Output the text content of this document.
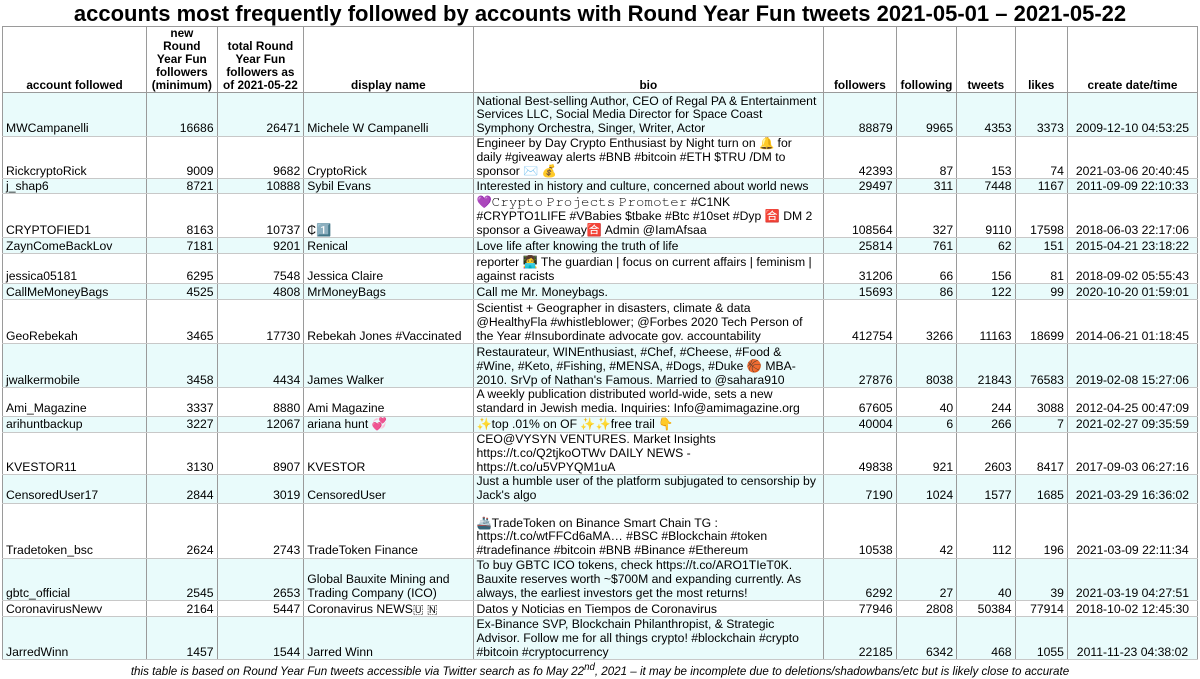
accounts most frequently followed by accounts with Round Year Fun tweets 2021-05-01 – 2021-05-22
account followed	new Round Year Fun followers (minimum)	total Round Year Fun followers as of 2021-05-22	display name	bio	followers	following	tweets	likes	create date/time
MWCampanelli	16686	26471	Michele W Campanelli	National Best-selling Author, CEO of Regal PA & Entertainment Services LLC, Social Media Director for Space Coast Symphony Orchestra, Singer, Writer, Actor	88879	9965	4353	3373	2009-12-10 04:53:25
RickcryptoRick	9009	9682	CryptoRick	Engineer by Day Crypto Enthusiast by Night turn on 🔔 for daily #giveaway alerts #BNB #bitcoin #ETH $TRU /DM to sponsor ✉️ 💰	42393	87	153	74	2021-03-06 20:40:45
j_shap6	8721	10888	Sybil Evans	Interested in history and culture, concerned about world news	29497	311	7448	1167	2011-09-09 22:10:33
CRYPTOFIED1	8163	10737	₵1️⃣	💜𝙲𝚛𝚢𝚙𝚝𝚘 𝙿𝚛𝚘𝚓𝚎𝚌𝚝𝚜 𝙿𝚛𝚘𝚖𝚘𝚝𝚎𝚛 #C1NK #CRYPTO1LIFE #VBabies $tbake #Btc #10set #Dyp 🈴 DM 2 sponsor a Giveaway🈴 Admin @IamAfsaa	108564	327	9110	17598	2018-06-03 22:17:06
ZaynComeBackLov	7181	9201	Renical	Love life after knowing the truth of life	25814	761	62	151	2015-04-21 23:18:22
jessica05181	6295	7548	Jessica Claire	reporter 👩‍💻 The guardian | focus on current affairs | feminism | against racists	31206	66	156	81	2018-09-02 05:55:43
CallMeMoneyBags	4525	4808	MrMoneyBags	Call me Mr. Moneybags.	15693	86	122	99	2020-10-20 01:59:01
GeoRebekah	3465	17730	Rebekah Jones #Vaccinated	Scientist + Geographer in disasters, climate & data @HealthyFla #whistleblower; @Forbes 2020 Tech Person of the Year #Insubordinate advocate gov. accountability	412754	3266	11163	18699	2014-06-21 01:18:45
jwalkermobile	3458	4434	James Walker	Restaurateur, WINEnthusiast, #Chef, #Cheese, #Food & #Wine, #Keto, #Fishing, #MENSA, #Dogs, #Duke 🏀 MBA-2010. SrVp of Nathan's Famous. Married to @sahara910	27876	8038	21843	76583	2019-02-08 15:27:06
Ami_Magazine	3337	8880	Ami Magazine	A weekly publication distributed world-wide, sets a new standard in Jewish media. Inquiries: Info@amimagazine.org	67605	40	244	3088	2012-04-25 00:47:09
arihuntbackup	3227	12067	ariana hunt 💞	✨top .01% on OF ✨✨free trail 👇	40004	6	266	7	2021-02-27 09:35:59
KVESTOR11	3130	8907	KVESTOR	CEO@VYSYN VENTURES. Market Insights https://t.co/Q2tjkoOTWv DAILY NEWS - https://t.co/u5VPYQM1uA	49838	921	2603	8417	2017-09-03 06:27:16
CensoredUser17	2844	3019	CensoredUser	Just a humble user of the platform subjugated to censorship by Jack's algo	7190	1024	1577	1685	2021-03-29 16:36:02
Tradetoken_bsc	2624	2743	TradeToken Finance	🚢TradeToken on Binance Smart Chain TG : https://t.co/wtFFCd6aMA… #BSC #Blockchain #token #tradefinance #bitcoin #BNB #Binance #Ethereum	10538	42	112	196	2021-03-09 22:11:34
gbtc_official	2545	2653	Global Bauxite Mining and Trading Company (ICO)	To buy GBTC ICO tokens, check https://t.co/ARO1TIeT0K. Bauxite reserves worth ~$700M and expanding currently. As always, the earliest investors get the most returns!	6292	27	40	39	2021-03-19 04:27:51
CoronavirusNewv	2164	5447	Coronavirus NEWS🇺 🇳	Datos y Noticias en Tiempos de Coronavirus	77946	2808	50384	77914	2018-10-02 12:45:30
JarredWinn	1457	1544	Jarred Winn	Ex-Binance SVP, Blockchain Philanthropist, & Strategic Advisor. Follow me for all things crypto! #blockchain #crypto #bitcoin #cryptocurrency	22185	6342	468	1055	2011-11-23 04:38:02
this table is based on Round Year Fun tweets accessible via Twitter search as fo May 22nd, 2021 – it may be incomplete due to deletions/shadowbans/etc but is likely close to accurate
